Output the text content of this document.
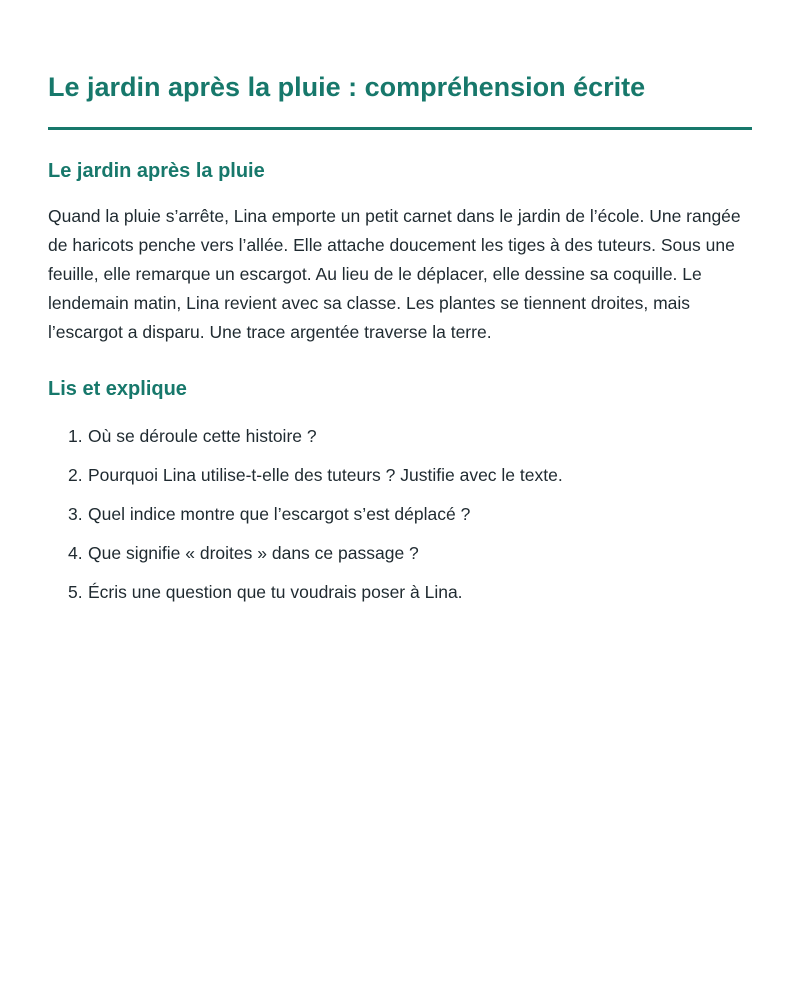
Le jardin après la pluie : compréhension écrite
Le jardin après la pluie

Quand la pluie s’arrête, Lina emporte un petit carnet dans le jardin de l’école. Une rangée de haricots penche vers l’allée. Elle attache doucement les tiges à des tuteurs. Sous une feuille, elle remarque un escargot. Au lieu de le déplacer, elle dessine sa coquille. Le lendemain matin, Lina revient avec sa classe. Les plantes se tiennent droites, mais l’escargot a disparu. Une trace argentée traverse la terre.

Lis et explique
1. Où se déroule cette histoire ?
2. Pourquoi Lina utilise-t-elle des tuteurs ? Justifie avec le texte.
3. Quel indice montre que l’escargot s’est déplacé ?
4. Que signifie « droites » dans ce passage ?
5. Écris une question que tu voudrais poser à Lina.
